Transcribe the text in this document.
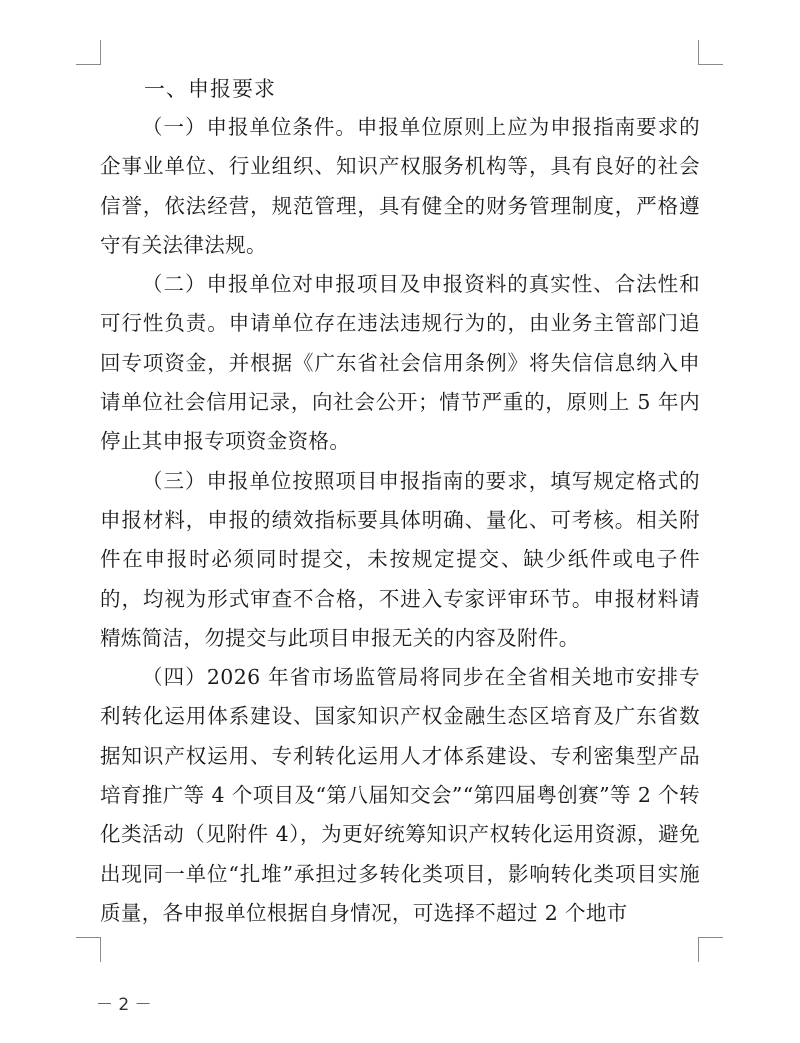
一、申报要求

（一）申报单位条件。申报单位原则上应为申报指南要求的企事业单位、行业组织、知识产权服务机构等，具有良好的社会信誉，依法经营，规范管理，具有健全的财务管理制度，严格遵守有关法律法规。

（二）申报单位对申报项目及申报资料的真实性、合法性和可行性负责。申请单位存在违法违规行为的，由业务主管部门追回专项资金，并根据《广东省社会信用条例》将失信信息纳入申请单位社会信用记录，向社会公开；情节严重的，原则上 5 年内停止其申报专项资金资格。

（三）申报单位按照项目申报指南的要求，填写规定格式的申报材料，申报的绩效指标要具体明确、量化、可考核。相关附件在申报时必须同时提交，未按规定提交、缺少纸件或电子件的，均视为形式审查不合格，不进入专家评审环节。申报材料请精炼简洁，勿提交与此项目申报无关的内容及附件。

（四）2026 年省市场监管局将同步在全省相关地市安排专利转化运用体系建设、国家知识产权金融生态区培育及广东省数据知识产权运用、专利转化运用人才体系建设、专利密集型产品培育推广等 4 个项目及“第八届知交会”“第四届粤创赛”等 2 个转化类活动（见附件 4），为更好统筹知识产权转化运用资源，避免出现同一单位“扎堆”承担过多转化类项目，影响转化类项目实施质量，各申报单位根据自身情况，可选择不超过 2 个地市

－ 2 －
